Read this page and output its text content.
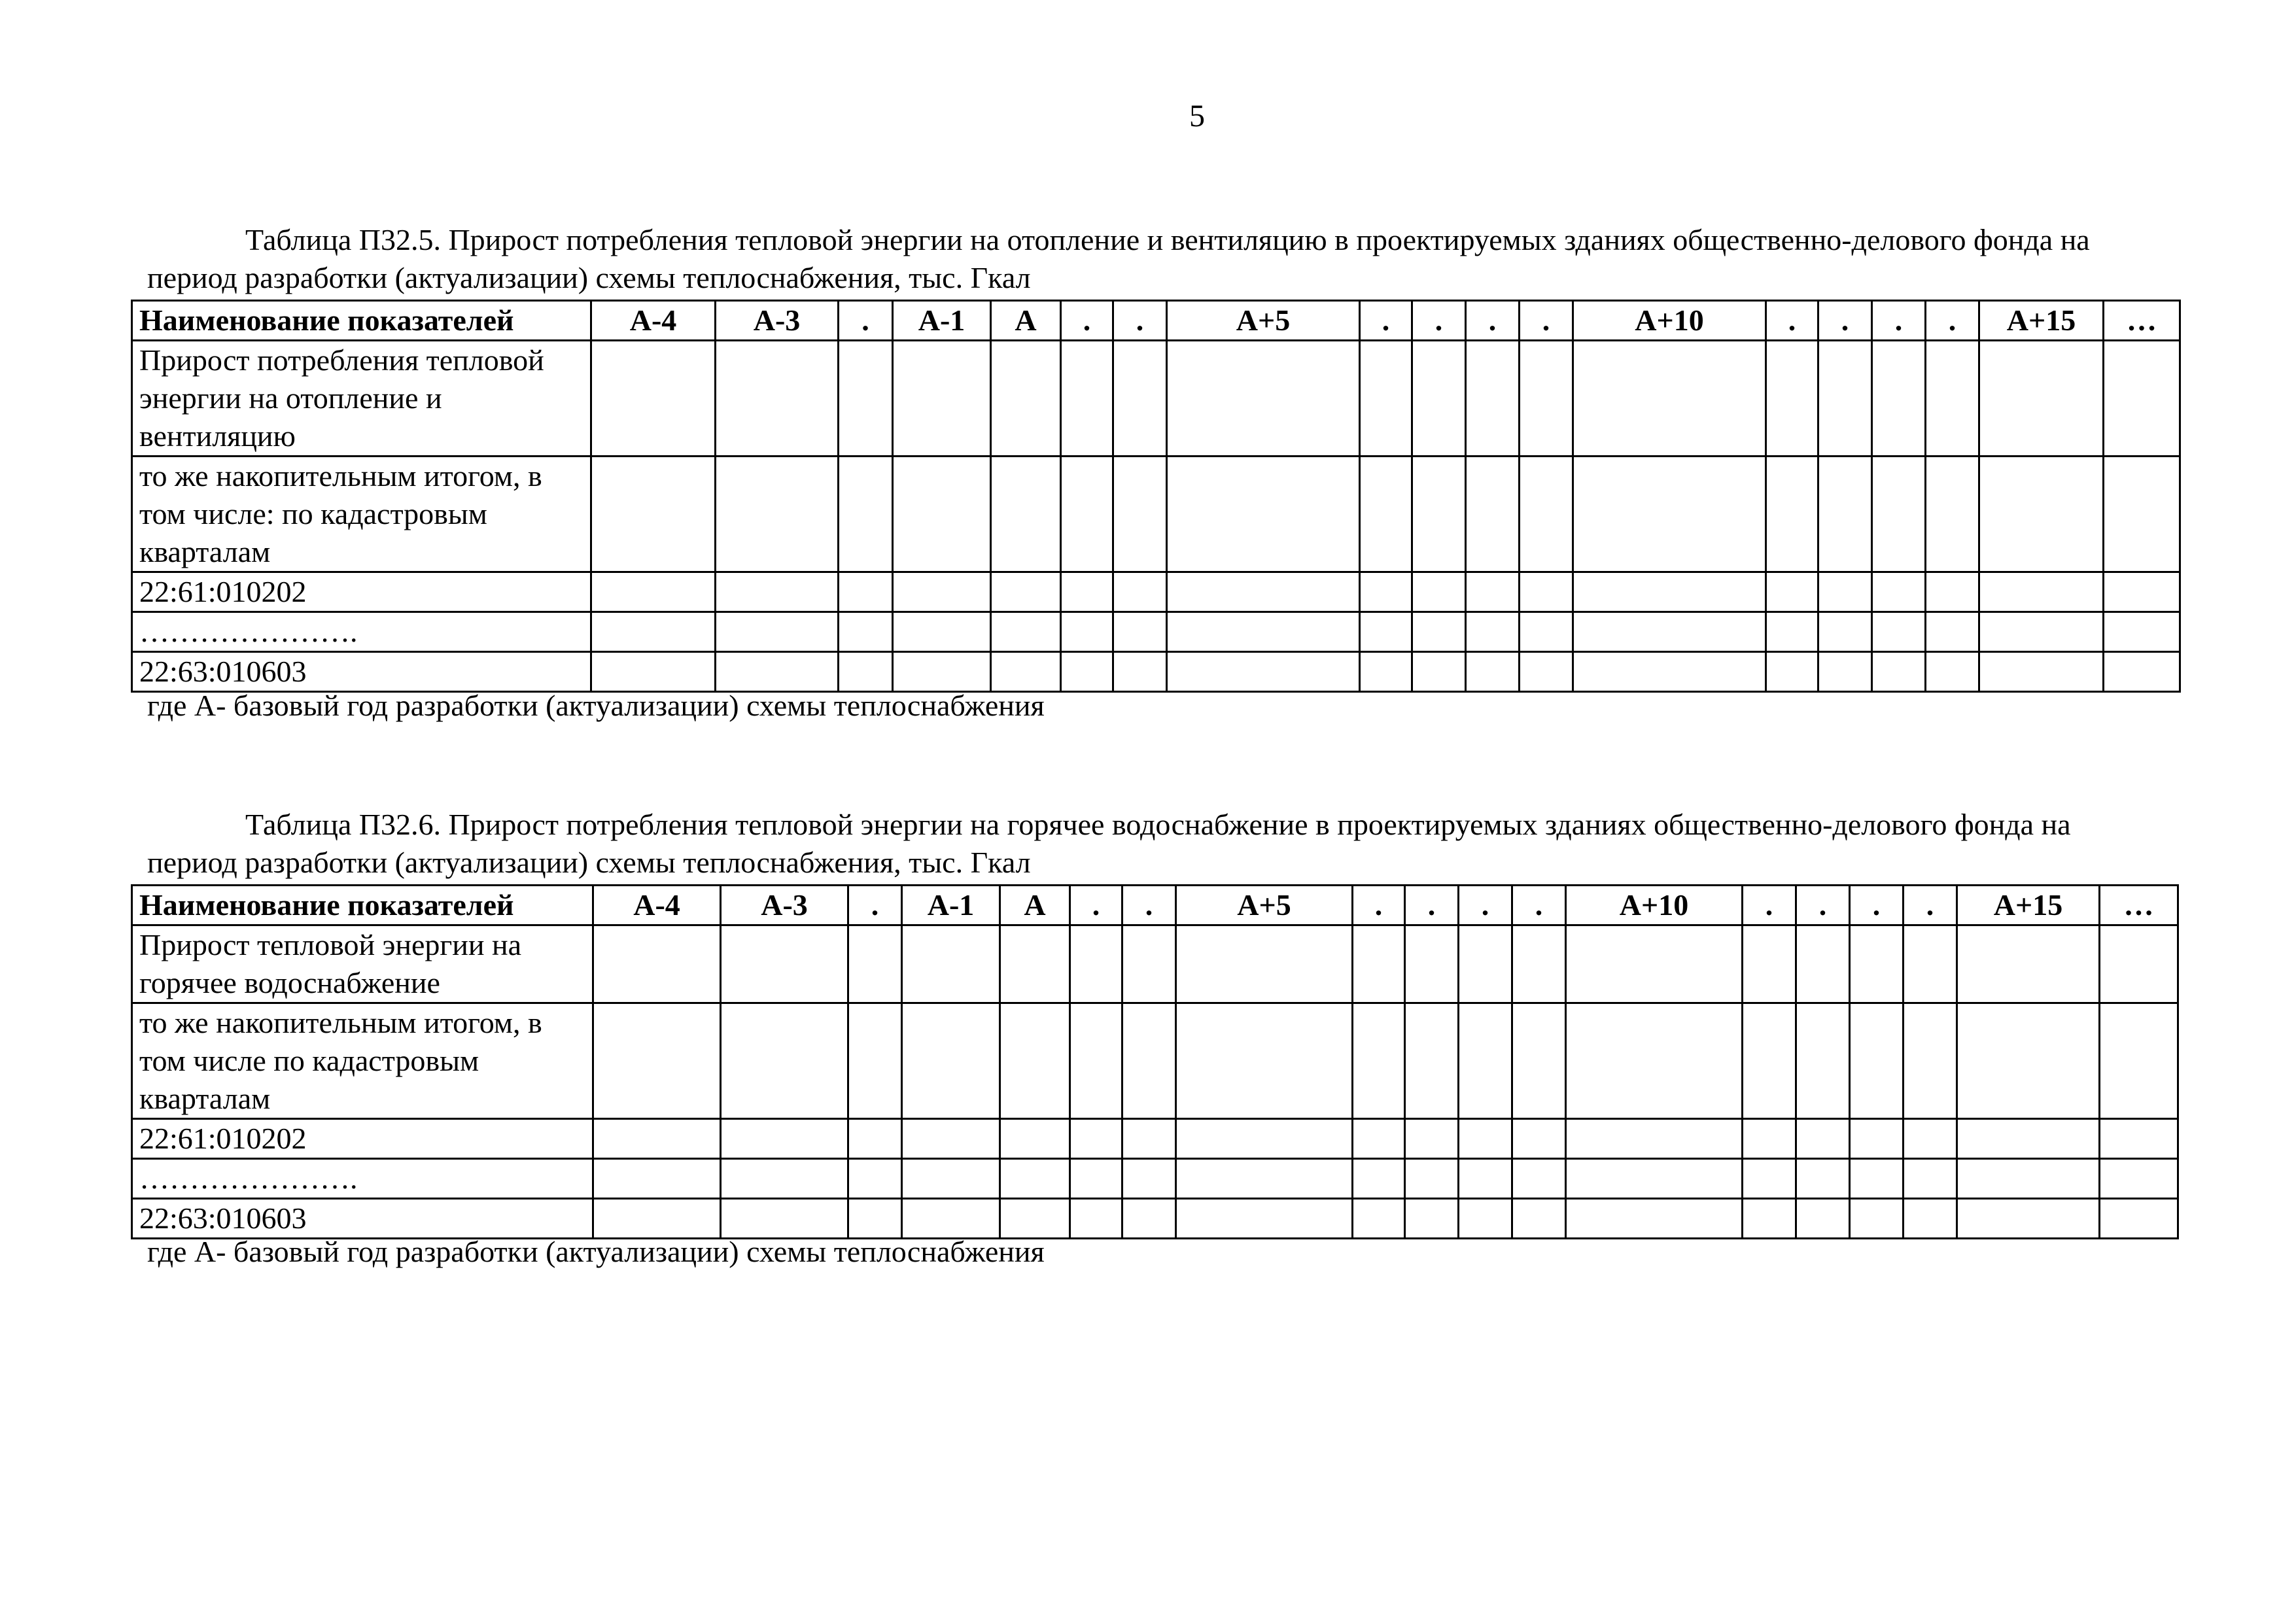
5
Таблица П32.5. Прирост потребления тепловой энергии на отопление и вентиляцию в проектируемых зданиях общественно-делового фонда на период разработки (актуализации) схемы теплоснабжения, тыс. Гкал
Наименование показателей	А-4	А-3	.	А-1	А	.	.	А+5	.	.	.	.	А+10	.	.	.	.	А+15	…
Прирост потребления тепловой энергии на отопление и вентиляцию																			
то же накопительным итогом, в том числе: по кадастровым кварталам																			
22:61:010202																			
………………….																			
22:63:010603																			
где А- базовый год разработки (актуализации) схемы теплоснабжения
Таблица П32.6. Прирост потребления тепловой энергии на горячее водоснабжение в проектируемых зданиях общественно-делового фонда на период разработки (актуализации) схемы теплоснабжения, тыс. Гкал
Наименование показателей	А-4	А-3	.	А-1	А	.	.	А+5	.	.	.	.	А+10	.	.	.	.	А+15	…
Прирост тепловой энергии на горячее водоснабжение																			
то же накопительным итогом, в том числе по кадастровым кварталам																			
22:61:010202																			
………………….																			
22:63:010603																			
где А- базовый год разработки (актуализации) схемы теплоснабжения
